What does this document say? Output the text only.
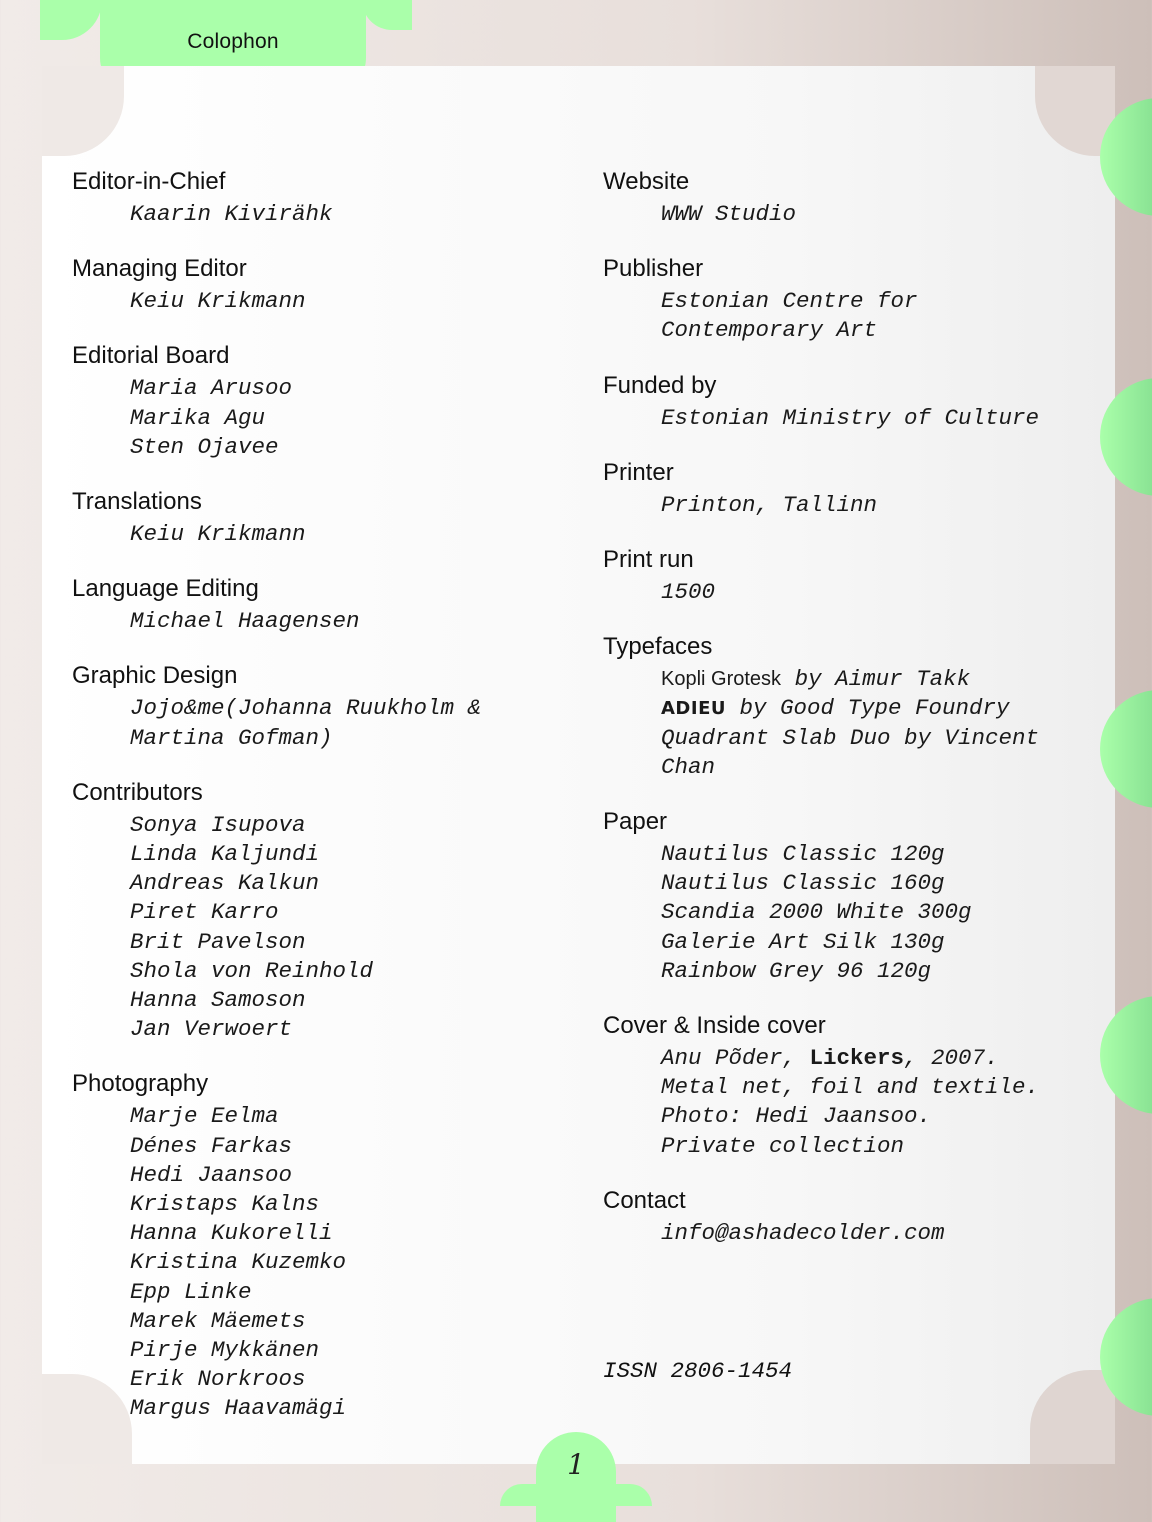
Colophon
1
Editor-in-Chief
Kaarin Kivirähk
Managing Editor
Keiu Krikmann
Editorial Board
Maria Arusoo
Marika Agu
Sten Ojavee
Translations
Keiu Krikmann
Language Editing
Michael Haagensen
Graphic Design
Jojo&me(Johanna Ruukholm &
Martina Gofman)
Contributors
Sonya Isupova
Linda Kaljundi
Andreas Kalkun
Piret Karro
Brit Pavelson
Shola von Reinhold
Hanna Samoson
Jan Verwoert
Photography
Marje Eelma
Dénes Farkas
Hedi Jaansoo
Kristaps Kalns
Hanna Kukorelli
Kristina Kuzemko
Epp Linke
Marek Mäemets
Pirje Mykkänen
Erik Norkroos
Margus Haavamägi
Website
WWW Studio
Publisher
Estonian Centre for
Contemporary Art
Funded by
Estonian Ministry of Culture
Printer
Printon, Tallinn
Print run
1500
Typefaces
Kopli Grotesk by Aimur Takk
ADIEU by Good Type Foundry
Quadrant Slab Duo by Vincent
Chan
Paper
Nautilus Classic 120g
Nautilus Classic 160g
Scandia 2000 White 300g
Galerie Art Silk 130g
Rainbow Grey 96 120g
Cover & Inside cover
Anu Põder, Lickers, 2007.
Metal net, foil and textile.
Photo: Hedi Jaansoo.
Private collection
Contact
info@ashadecolder.com
ISSN 2806-1454
